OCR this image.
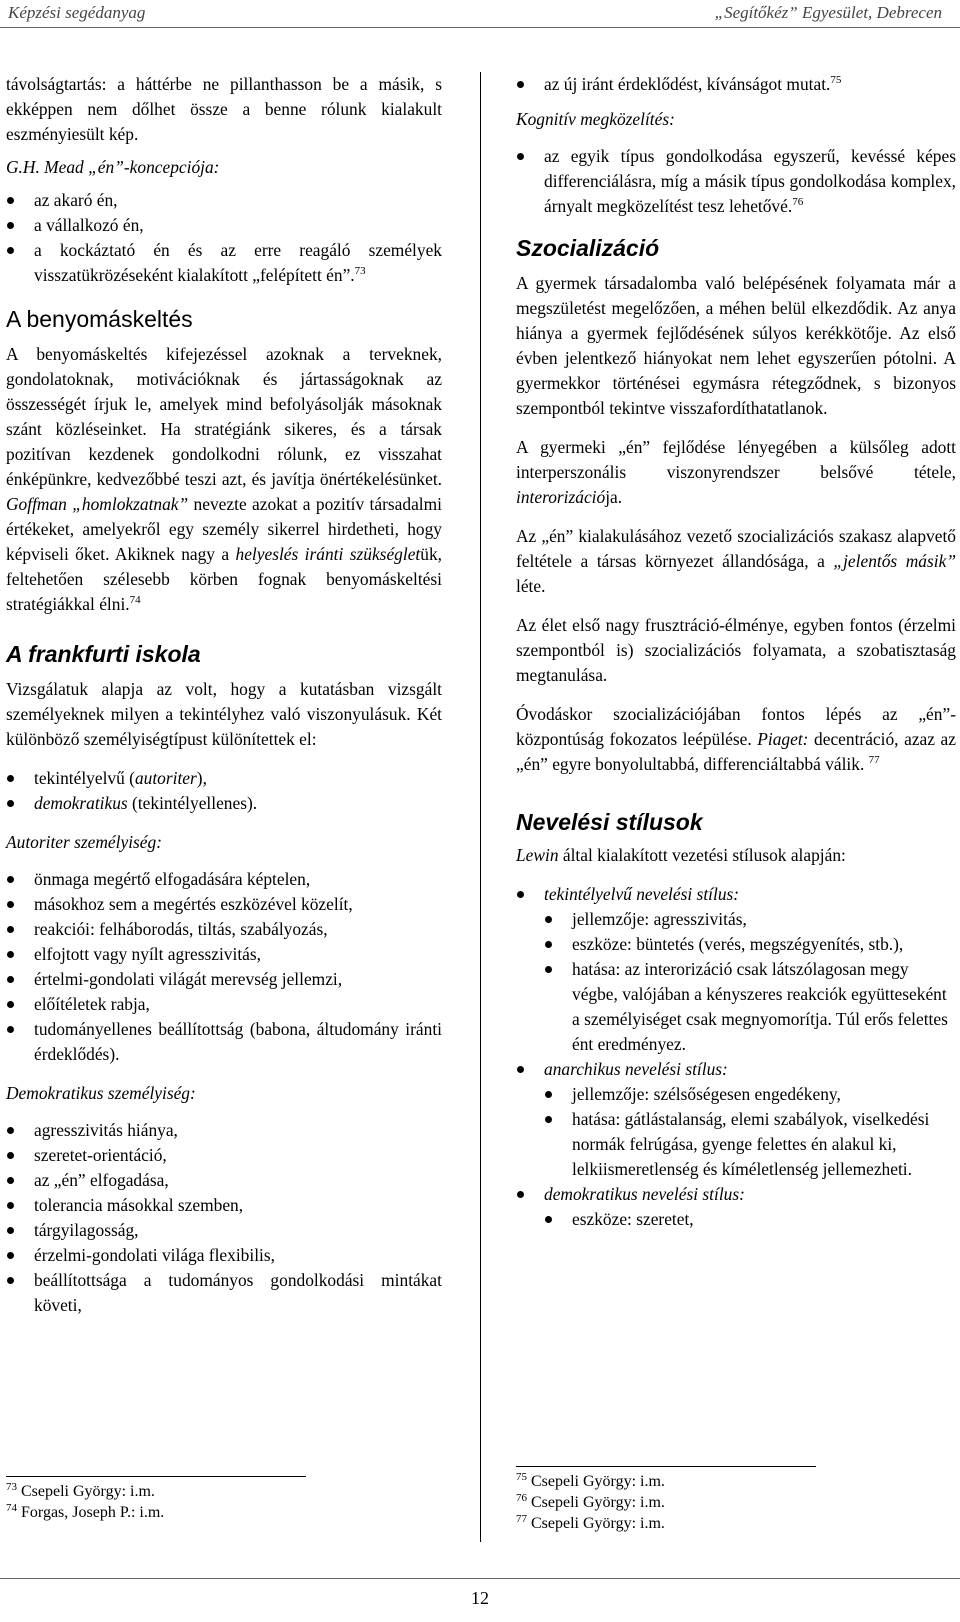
Képzési segédanyag	„Segítőkéz” Egyesület, Debrecen

távolságtartás: a háttérbe ne pillanthasson be a másik, s ekképpen nem dőlhet össze a benne rólunk kialakult eszményiesült kép.

G.H. Mead „én”-koncepciója:

az akaró én,
a vállalkozó én,
a kockáztató én és az erre reagáló személyek visszatükrözéseként kialakított „felépített én”.$^{73}$
A benyomáskeltés

A benyomáskeltés kifejezéssel azoknak a terveknek, gondolatoknak, motivációknak és jártasságoknak az összességét írjuk le, amelyek mind befolyásolják másoknak szánt közléseinket. Ha stratégiánk sikeres, és a társak pozitívan kezdenek gondolkodni rólunk, ez visszahat énképünkre, kedvezőbbé teszi azt, és javítja önértékelésünket. Goffman „homlokzatnak” nevezte azokat a pozitív társadalmi értékeket, amelyekről egy személy sikerrel hirdetheti, hogy képviseli őket. Akiknek nagy a helyeslés iránti szükségletük, feltehetően szélesebb körben fognak benyomáskeltési stratégiákkal élni.$^{74}$

A frankfurti iskola

Vizsgálatuk alapja az volt, hogy a kutatásban vizsgált személyeknek milyen a tekintélyhez való viszonyulásuk. Két különböző személyiségtípust különítettek el:

tekintélyelvű (autoriter),
demokratikus (tekintélyellenes).

Autoriter személyiség:

önmaga megértő elfogadására képtelen,
másokhoz sem a megértés eszközével közelít,
reakciói: felháborodás, tiltás, szabályozás,
elfojtott vagy nyílt agresszivitás,
értelmi-gondolati világát merevség jellemzi,
előítéletek rabja,
tudományellenes beállítottság (babona, áltudomány iránti érdeklődés).

Demokratikus személyiség:

agresszivitás hiánya,
szeretet-orientáció,
az „én” elfogadása,
tolerancia másokkal szemben,
tárgyilagosság,
érzelmi-gondolati világa flexibilis,
beállítottsága a tudományos gondolkodási mintákat követi,
$^{73}$ Csepeli György: i.m.
$^{74}$ Forgas, Joseph P.: i.m.
az új iránt érdeklődést, kívánságot mutat.$^{75}$

Kognitív megközelítés:

az egyik típus gondolkodása egyszerű, kevéssé képes differenciálásra, míg a másik típus gondolkodása komplex, árnyalt megközelítést tesz lehetővé.$^{76}$
Szocializáció

A gyermek társadalomba való belépésének folyamata már a megszületést megelőzően, a méhen belül elkezdődik. Az anya hiánya a gyermek fejlődésének súlyos kerékkötője. Az első évben jelentkező hiányokat nem lehet egyszerűen pótolni. A gyermekkor történései egymásra rétegződnek, s bizonyos szempontból tekintve visszafordíthatatlanok.

A gyermeki „én” fejlődése lényegében a külsőleg adott interperszonális viszonyrendszer belsővé tétele, interorizációja.

Az „én” kialakulásához vezető szocializációs szakasz alapvető feltétele a társas környezet állandósága, a „jelentős másik” léte.

Az élet első nagy frusztráció-élménye, egyben fontos (érzelmi szempontból is) szocializációs folyamata, a szobatisztaság megtanulása.

Óvodáskor szocializációjában fontos lépés az „én”-központúság fokozatos leépülése. Piaget: decentráció, azaz az „én” egyre bonyolultabbá, differenciáltabbá válik. $^{77}$

Nevelési stílusok

Lewin által kialakított vezetési stílusok alapján:

tekintélyelvű nevelési stílus:
jellemzője: agresszivitás,
eszköze: büntetés (verés, megszégyenítés, stb.),
hatása: az interorizáció csak látszólagosan megy végbe, valójában a kényszeres reakciók együtteseként a személyiséget csak megnyomorítja. Túl erős felettes ént eredményez.
anarchikus nevelési stílus:
jellemzője: szélsőségesen engedékeny,
hatása: gátlástalanság, elemi szabályok, viselkedési normák felrúgása, gyenge felettes én alakul ki, lelkiismeretlenség és kíméletlenség jellemezheti.
demokratikus nevelési stílus:
eszköze: szeretet,
$^{75}$ Csepeli György: i.m.
$^{76}$ Csepeli György: i.m.
$^{77}$ Csepeli György: i.m.
12
